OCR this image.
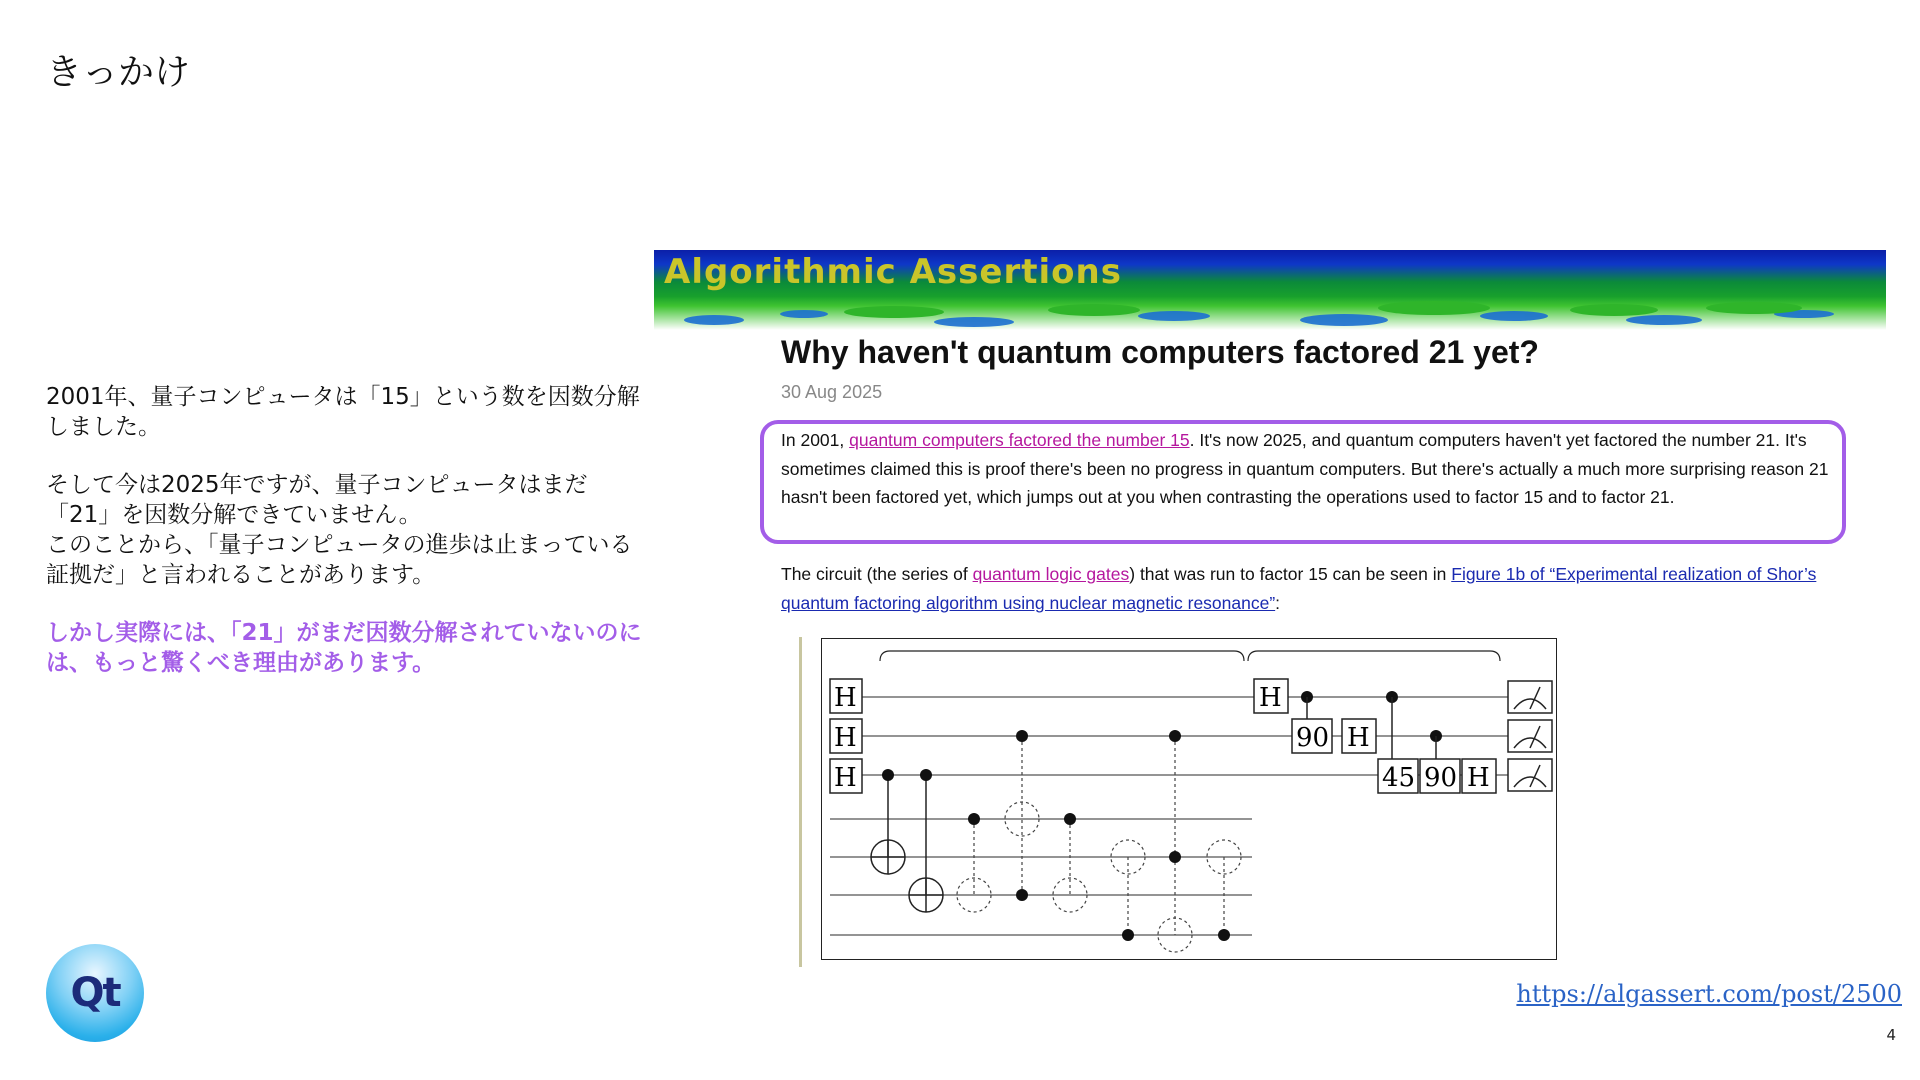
きっかけ

2001年、量子コンピュータは「15」という数を因数分解しました。

そして今は2025年ですが、量子コンピュータはまだ「21」を因数分解できていません。

このことから、「量子コンピュータの進歩は止まっている証拠だ」と言われることがあります。

しかし実際には、「21」がまだ因数分解されていないのには、もっと驚くべき理由があります。

Qt	https://algassert.com/post/2500
4
Algorithmic Assertions
Why haven't quantum computers factored 21 yet?
30 Aug 2025
In 2001, quantum computers factored the number 15. It's now 2025, and quantum computers haven't yet factored the number 21. It's sometimes claimed this is proof there's been no progress in quantum computers. But there's actually a much more surprising reason 21 hasn't been factored yet, which jumps out at you when contrasting the operations used to factor 15 and to factor 21.
The circuit (the series of quantum logic gates) that was run to factor 15 can be seen in Figure 1b of “Experimental realization of Shor’s quantum factoring algorithm using nuclear magnetic resonance”:
H
H
H
H
H
H
90
45 90
